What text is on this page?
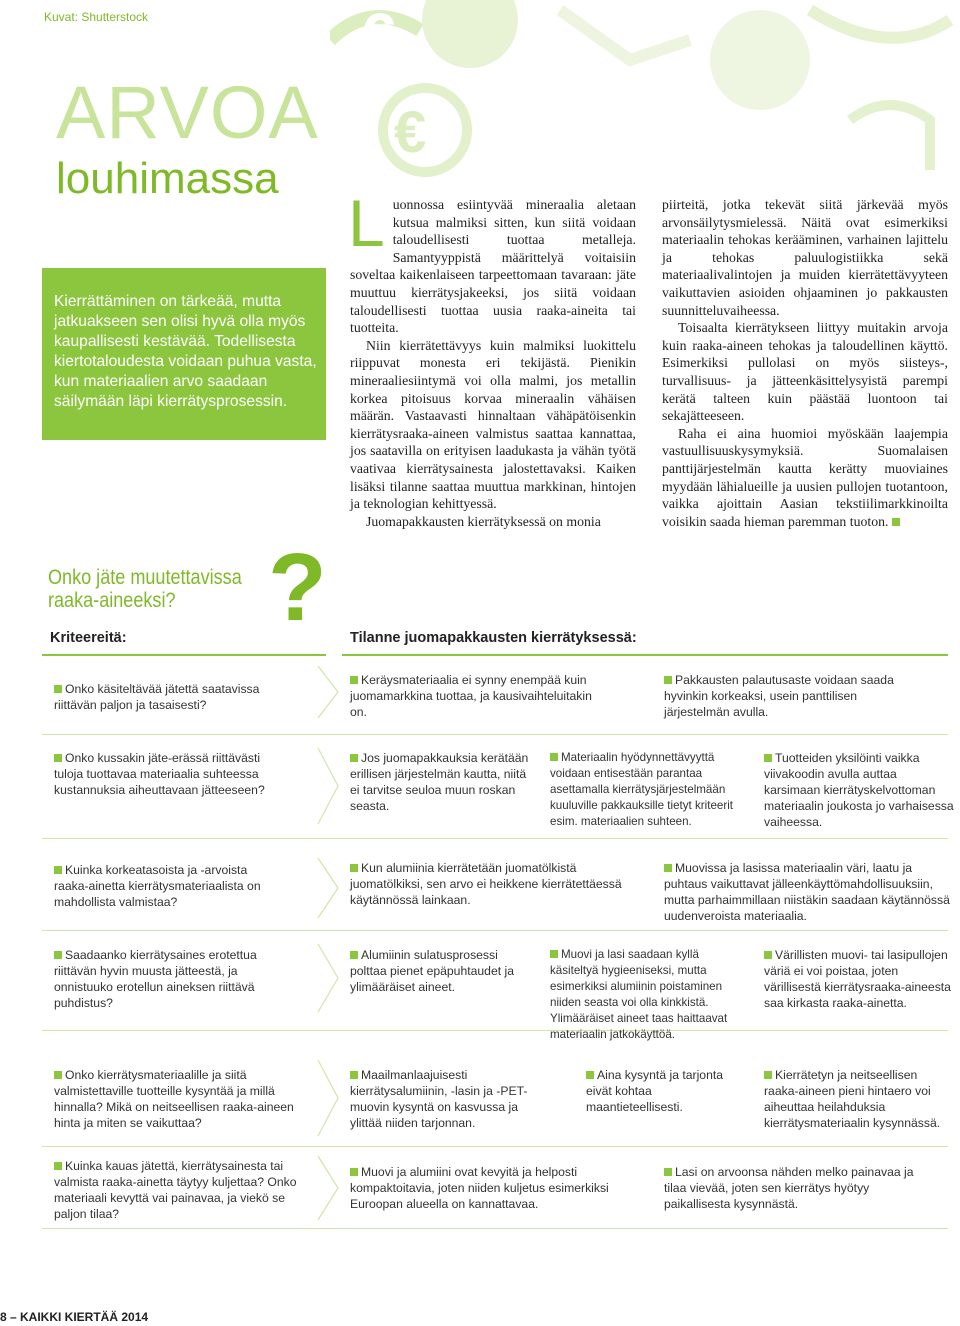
Kuvat: Shutterstock	€
€
ARVOA
louhimassa

Kierrättäminen on tärkeää, mutta jatkuakseen sen olisi hyvä olla myös kaupallisesti kestävää. Todellisesta kiertotaloudesta voidaan puhua vasta, kun materiaalien arvo saadaan säilymään läpi kierrätysprosessin.

Onko jäte muutettavissa raaka-aineeksi? ?

Luonnossa esiintyvää mineraalia aletaan kutsua malmiksi sitten, kun siitä voidaan taloudellisesti tuottaa metalleja. Samantyyppistä määrittelyä voitaisiin soveltaa kaikenlaiseen tarpeettomaan tavaraan: jäte muuttuu kierrätysjakeeksi, jos siitä voidaan taloudellisesti tuottaa uusia raaka-aineita tai tuotteita.

Niin kierrätettävyys kuin malmiksi luokittelu riippuvat monesta eri tekijästä. Pienikin mineraaliesiintymä voi olla malmi, jos metallin korkea pitoisuus korvaa mineraalin vähäisen määrän. Vastaavasti hinnaltaan vähäpätöisenkin kierrätysraaka-aineen valmistus saattaa kannattaa, jos saatavilla on erityisen laadukasta ja vähän työtä vaativaa kierrätysainesta jalostettavaksi. Kaiken lisäksi tilanne saattaa muuttua markkinan, hintojen ja teknologian kehittyessä.

Juomapakkausten kierrätyksessä on monia

piirteitä, jotka tekevät siitä järkevää myös arvonsäilytysmielessä. Näitä ovat esimerkiksi materiaalin tehokas kerääminen, varhainen lajittelu ja tehokas paluulogistiikka sekä materiaalivalintojen ja muiden kierrätettävyyteen vaikuttavien asioiden ohjaaminen jo pakkausten suunnitteluvaiheessa.

Toisaalta kierrätykseen liittyy muitakin arvoja kuin raaka-aineen tehokas ja taloudellinen käyttö. Esimerkiksi pullolasi on myös siisteys-, turvallisuus- ja jätteenkäsittelysyistä parempi kerätä talteen kuin päästää luontoon tai sekajätteeseen.

Raha ei aina huomioi myöskään laajempia vastuullisuuskysymyksiä. Suomalaisen panttijärjestelmän kautta kerätty muoviaines myydään lähialueille ja uusien pullojen tuotantoon, vaikka ajoittain Aasian tekstiilimarkkinoilta voisikin saada hieman paremman tuoton.

Kriteereitä:	Tilanne juomapakkausten kierrätyksessä:
Onko käsiteltävää jätettä saatavissa riittävän paljon ja tasaisesti?
Keräysmateriaalia ei synny enempää kuin juomamarkkina tuottaa, ja kausivaihteluitakin on.
Pakkausten palautusaste voidaan saada hyvinkin korkeaksi, usein panttilisen järjestelmän avulla.
Onko kussakin jäte-erässä riittävästi tuloja tuottavaa materiaalia suhteessa kustannuksia aiheuttavaan jätteeseen?
Jos juomapakkauksia kerätään erillisen järjestelmän kautta, niitä ei tarvitse seuloa muun roskan seasta.
Materiaalin hyödynnettävyyttä voidaan entisestään parantaa asettamalla kierrätysjärjestelmään kuuluville pakkauksille tietyt kriteerit esim. materiaalien suhteen.
Tuotteiden yksilöinti vaikka viivakoodin avulla auttaa karsimaan kierrätyskelvottoman materiaalin joukosta jo varhaisessa vaiheessa.
Kuinka korkeatasoista ja -arvoista raaka-ainetta kierrätysmateriaalista on mahdollista valmistaa?
Kun alumiinia kierrätetään juomatölkistä juomatölkiksi, sen arvo ei heikkene kierrätettäessä käytännössä lainkaan.
Muovissa ja lasissa materiaalin väri, laatu ja puhtaus vaikuttavat jälleenkäyttömahdollisuuksiin, mutta parhaimmillaan niistäkin saadaan käytännössä uudenveroista materiaalia.
Saadaanko kierrätysaines erotettua riittävän hyvin muusta jätteestä, ja onnistuuko erotellun aineksen riittävä puhdistus?
Alumiinin sulatusprosessi polttaa pienet epäpuhtaudet ja ylimääräiset aineet.
Muovi ja lasi saadaan kyllä käsiteltyä hygieeniseksi, mutta esimerkiksi alumiinin poistaminen niiden seasta voi olla kinkkistä. Ylimääräiset aineet taas haittaavat materiaalin jatkokäyttöä.
Värillisten muovi- tai lasipullojen väriä ei voi poistaa, joten värillisestä kierrätysraaka-aineesta saa kirkasta raaka-ainetta.
Onko kierrätysmateriaalille ja siitä valmistettaville tuotteille kysyntää ja millä hinnalla? Mikä on neitseellisen raaka-aineen hinta ja miten se vaikuttaa?
Maailmanlaajuisesti kierrätysalumiinin, -lasin ja -PET-muovin kysyntä on kasvussa ja ylittää niiden tarjonnan.
Aina kysyntä ja tarjonta eivät kohtaa maantieteellisesti.
Kierrätetyn ja neitseellisen raaka-aineen pieni hintaero voi aiheuttaa heilahduksia kierrätysmateriaalin kysynnässä.
Kuinka kauas jätettä, kierrätysainesta tai valmista raaka-ainetta täytyy kuljettaa? Onko materiaali kevyttä vai painavaa, ja viekö se paljon tilaa?
Muovi ja alumiini ovat kevyitä ja helposti kompaktoitavia, joten niiden kuljetus esimerkiksi Euroopan alueella on kannattavaa.
Lasi on arvoonsa nähden melko painavaa ja tilaa vievää, joten sen kierrätys hyötyy paikallisesta kysynnästä.
8 – KAIKKI KIERTÄÄ 2014
